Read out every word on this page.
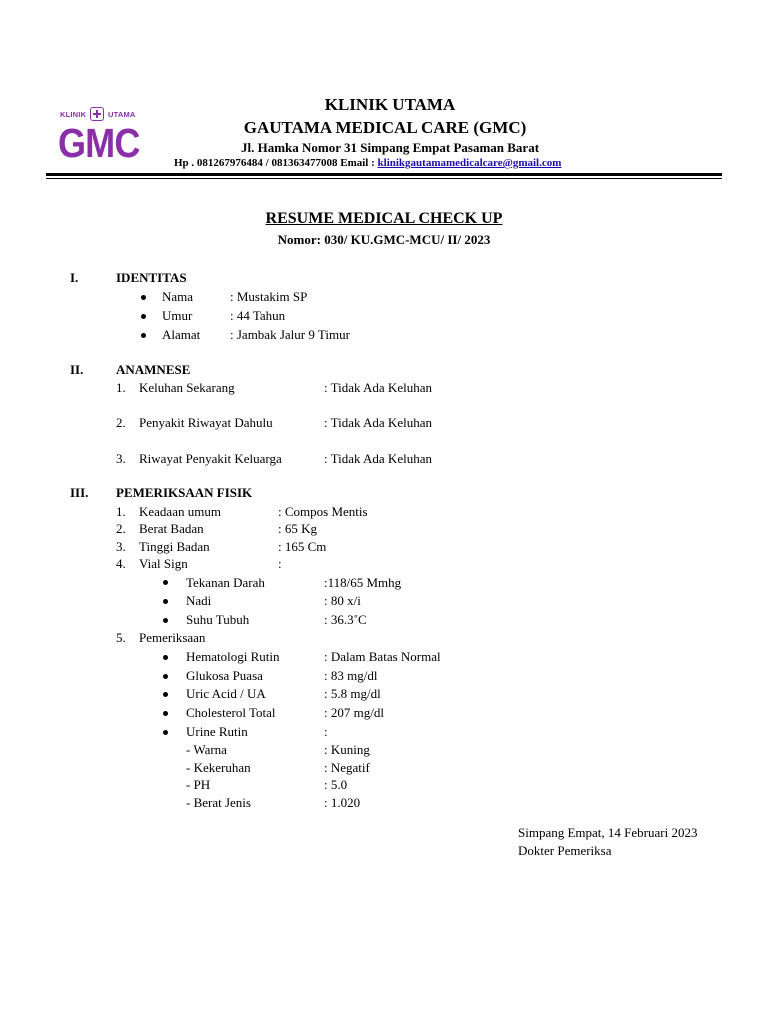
KLINIK	UTAMA
GMC
KLINIK UTAMA
GAUTAMA MEDICAL CARE (GMC)
Jl. Hamka Nomor 31 Simpang Empat Pasaman Barat
Hp . 081267976484 / 081363477008 Email : klinikgautamamedicalcare@gmail.com
RESUME MEDICAL CHECK UP
Nomor: 030/ KU.GMC-MCU/ II/ 2023
I.	IDENTITAS
Nama	: Mustakim SP
Umur	: 44 Tahun
Alamat : Jambak Jalur 9 Timur
II.	ANAMNESE
1. Keluhan Sekarang	: Tidak Ada Keluhan
2. Penyakit Riwayat Dahulu	: Tidak Ada Keluhan
3. Riwayat Penyakit Keluarga	: Tidak Ada Keluhan
III. PEMERIKSAAN FISIK
1. Keadaan umum	: Compos Mentis
2. Berat Badan	: 65 Kg
3. Tinggi Badan	: 165 Cm
4. Vial Sign	:
Tekanan Darah	:118/65 Mmhg
Nadi	: 80 x/i
Suhu Tubuh	: 36.3˚C
5. Pemeriksaan
Hematologi Rutin	: Dalam Batas Normal
Glukosa Puasa	: 83 mg/dl
Uric Acid / UA	: 5.8 mg/dl
Cholesterol Total	: 207 mg/dl
Urine Rutin	:
- Warna	: Kuning
- Kekeruhan	: Negatif
- PH	: 5.0
- Berat Jenis	: 1.020
Simpang Empat, 14 Februari 2023
Dokter Pemeriksa
